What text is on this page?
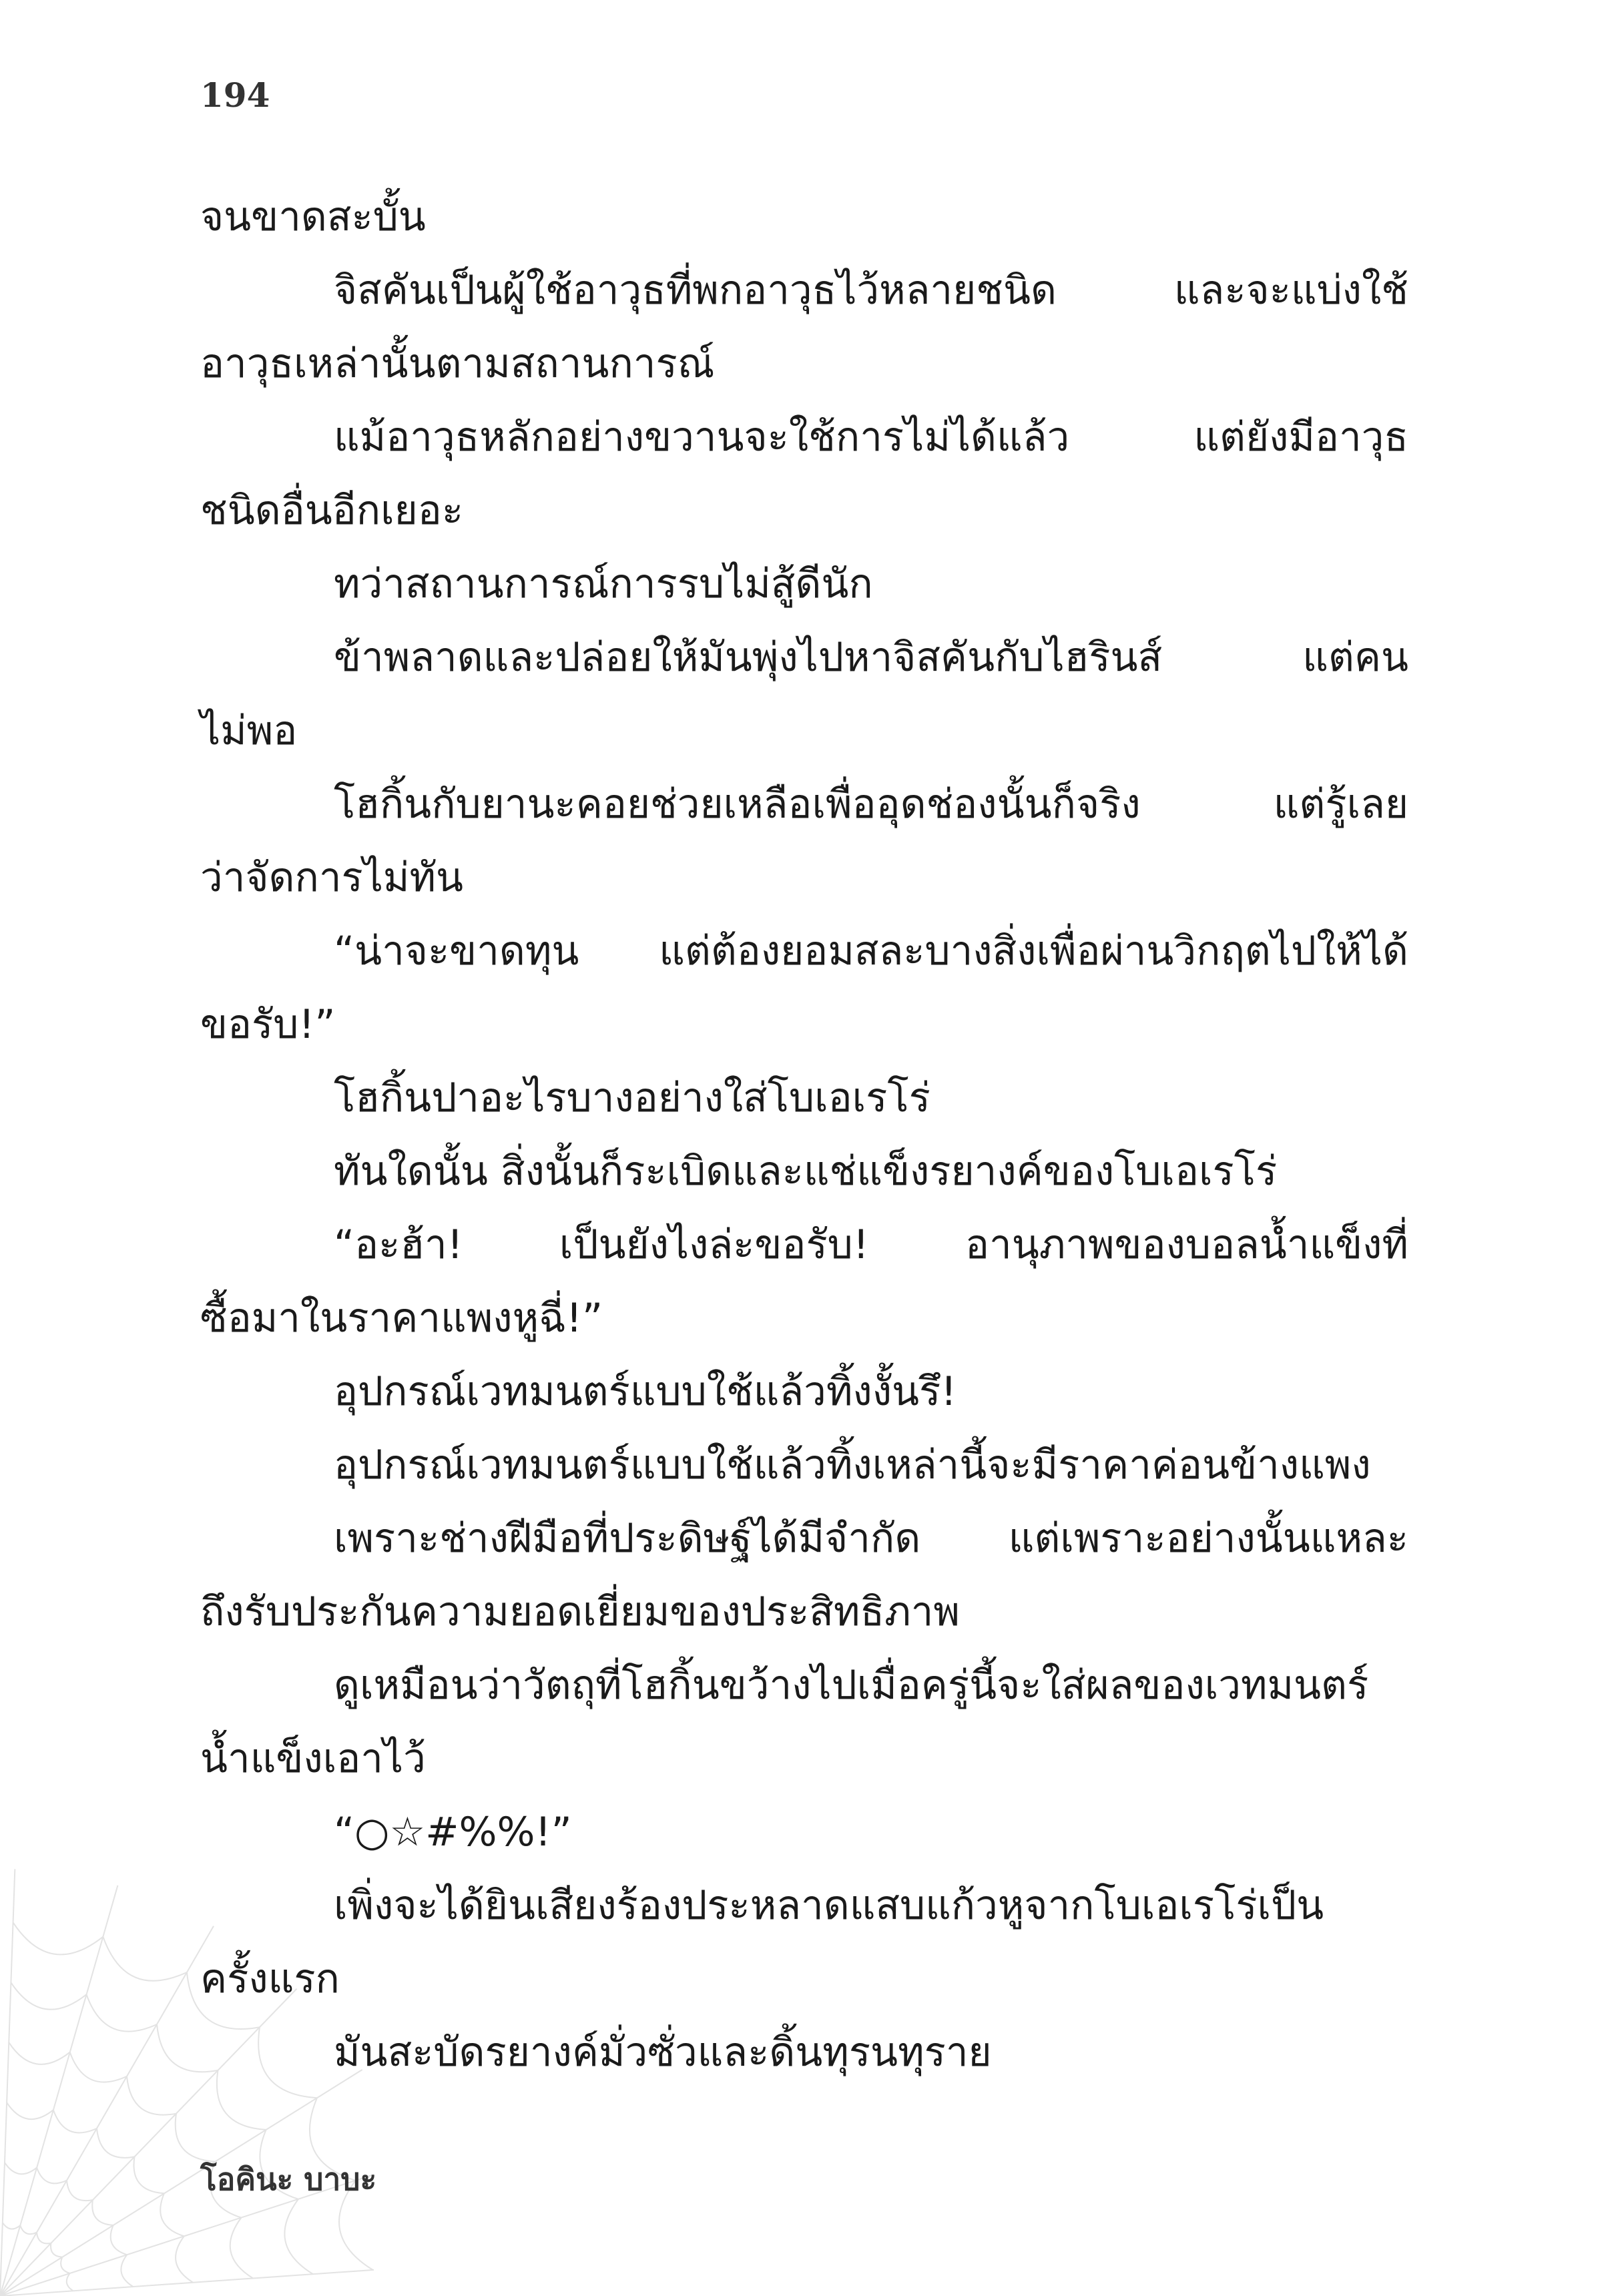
194
จนขาดสะบั้น
จิสคันเป็นผู้ใช้อาวุธที่พกอาวุธไว้หลายชนิด และจะแบ่งใช้
อาวุธเหล่านั้นตามสถานการณ์
แม้อาวุธหลักอย่างขวานจะใช้การไม่ได้แล้ว แต่ยังมีอาวุธ
ชนิดอื่นอีกเยอะ
ทว่าสถานการณ์การรบไม่สู้ดีนัก
ข้าพลาดและปล่อยให้มันพุ่งไปหาจิสคันกับไฮรินส์ แต่คน
ไม่พอ
โฮกิ้นกับยานะคอยช่วยเหลือเพื่ออุดช่องนั้นก็จริง แต่รู้เลย
ว่าจัดการไม่ทัน
“น่าจะขาดทุน แต่ต้องยอมสละบางสิ่งเพื่อผ่านวิกฤตไปให้ได้
ขอรับ!”
โฮกิ้นปาอะไรบางอย่างใส่โบเอเรโร่
ทันใดนั้น สิ่งนั้นก็ระเบิดและแช่แข็งรยางค์ของโบเอเรโร่
“อะฮ้า! เป็นยังไงล่ะขอรับ! อานุภาพของบอลน้ำแข็งที่
ซื้อมาในราคาแพงหูฉี่!”
อุปกรณ์เวทมนตร์แบบใช้แล้วทิ้งงั้นรึ!
อุปกรณ์เวทมนตร์แบบใช้แล้วทิ้งเหล่านี้จะมีราคาค่อนข้างแพง
เพราะช่างฝีมือที่ประดิษฐ์ได้มีจำกัด แต่เพราะอย่างนั้นแหละ
ถึงรับประกันความยอดเยี่ยมของประสิทธิภาพ
ดูเหมือนว่าวัตถุที่โฮกิ้นขว้างไปเมื่อครู่นี้จะใส่ผลของเวทมนตร์
น้ำแข็งเอาไว้
“○☆#%%!”
เพิ่งจะได้ยินเสียงร้องประหลาดแสบแก้วหูจากโบเอเรโร่เป็น
ครั้งแรก
มันสะบัดรยางค์มั่วซั่วและดิ้นทุรนทุราย
โอคินะ บาบะ
